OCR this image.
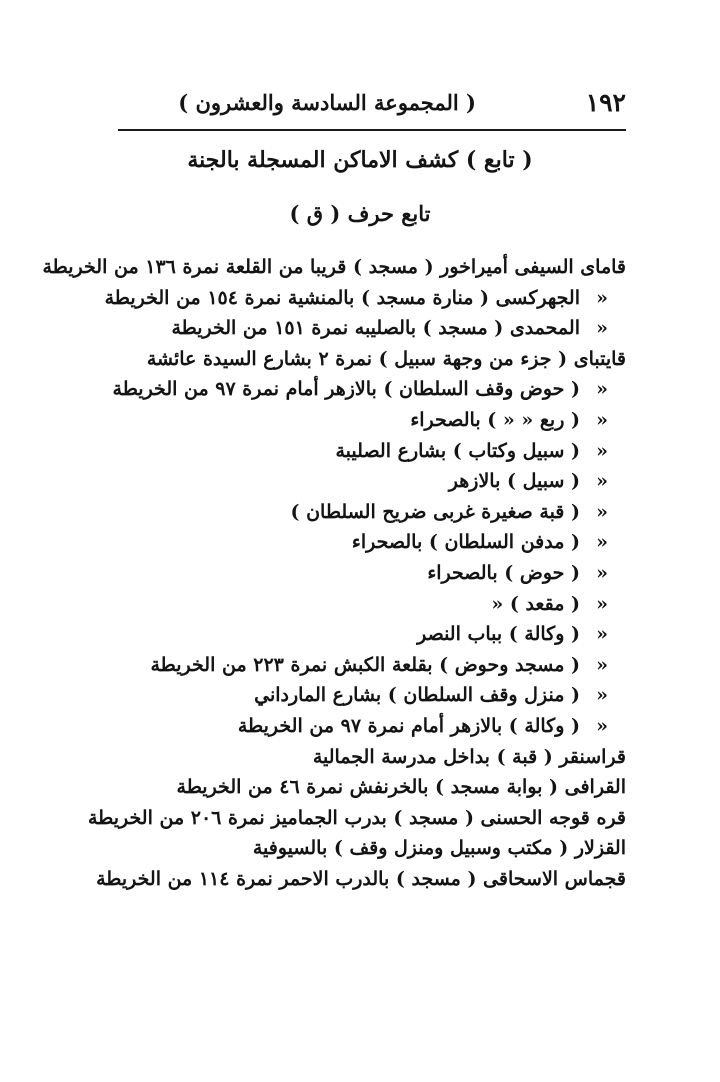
١٩٢
( المجموعة السادسة والعشرون )
( تابع ) كشف الاماكن المسجلة بالجنة
تابع حرف ( ق )
قاماى السيفى أميراخور ( مسجد ) قريبا من القلعة نمرة ١٣٦ من الخريطة
«الجهركسى ( منارة مسجد ) بالمنشية نمرة ١٥٤ من الخريطة
«المحمدى ( مسجد ) بالصليبه نمرة ١٥١ من الخريطة
قايتباى ( جزء من وجهة سبيل ) نمرة ٢ بشارع السيدة عائشة
«( حوض وقف السلطان ) بالازهر أمام نمرة ٩٧ من الخريطة
«( ربع « « ) بالصحراء
«( سبيل وكتاب ) بشارع الصليبة
«( سبيل ) بالازهر
«( قبة صغيرة غربى ضريح السلطان )
«( مدفن السلطان ) بالصحراء
«( حوض ) بالصحراء
«( مقعد ) «
«( وكالة ) بباب النصر
«( مسجد وحوض ) بقلعة الكبش نمرة ٢٢٣ من الخريطة
«( منزل وقف السلطان ) بشارع المارداني
«( وكالة ) بالازهر أمام نمرة ٩٧ من الخريطة
قراسنقر ( قبة ) بداخل مدرسة الجمالية
القرافى ( بوابة مسجد ) بالخرنفش نمرة ٤٦ من الخريطة
قره قوجه الحسنى ( مسجد ) بدرب الجماميز نمرة ٢٠٦ من الخريطة
القزلار ( مكتب وسبيل ومنزل وقف ) بالسيوفية
قجماس الاسحاقى ( مسجد ) بالدرب الاحمر نمرة ١١٤ من الخريطة
